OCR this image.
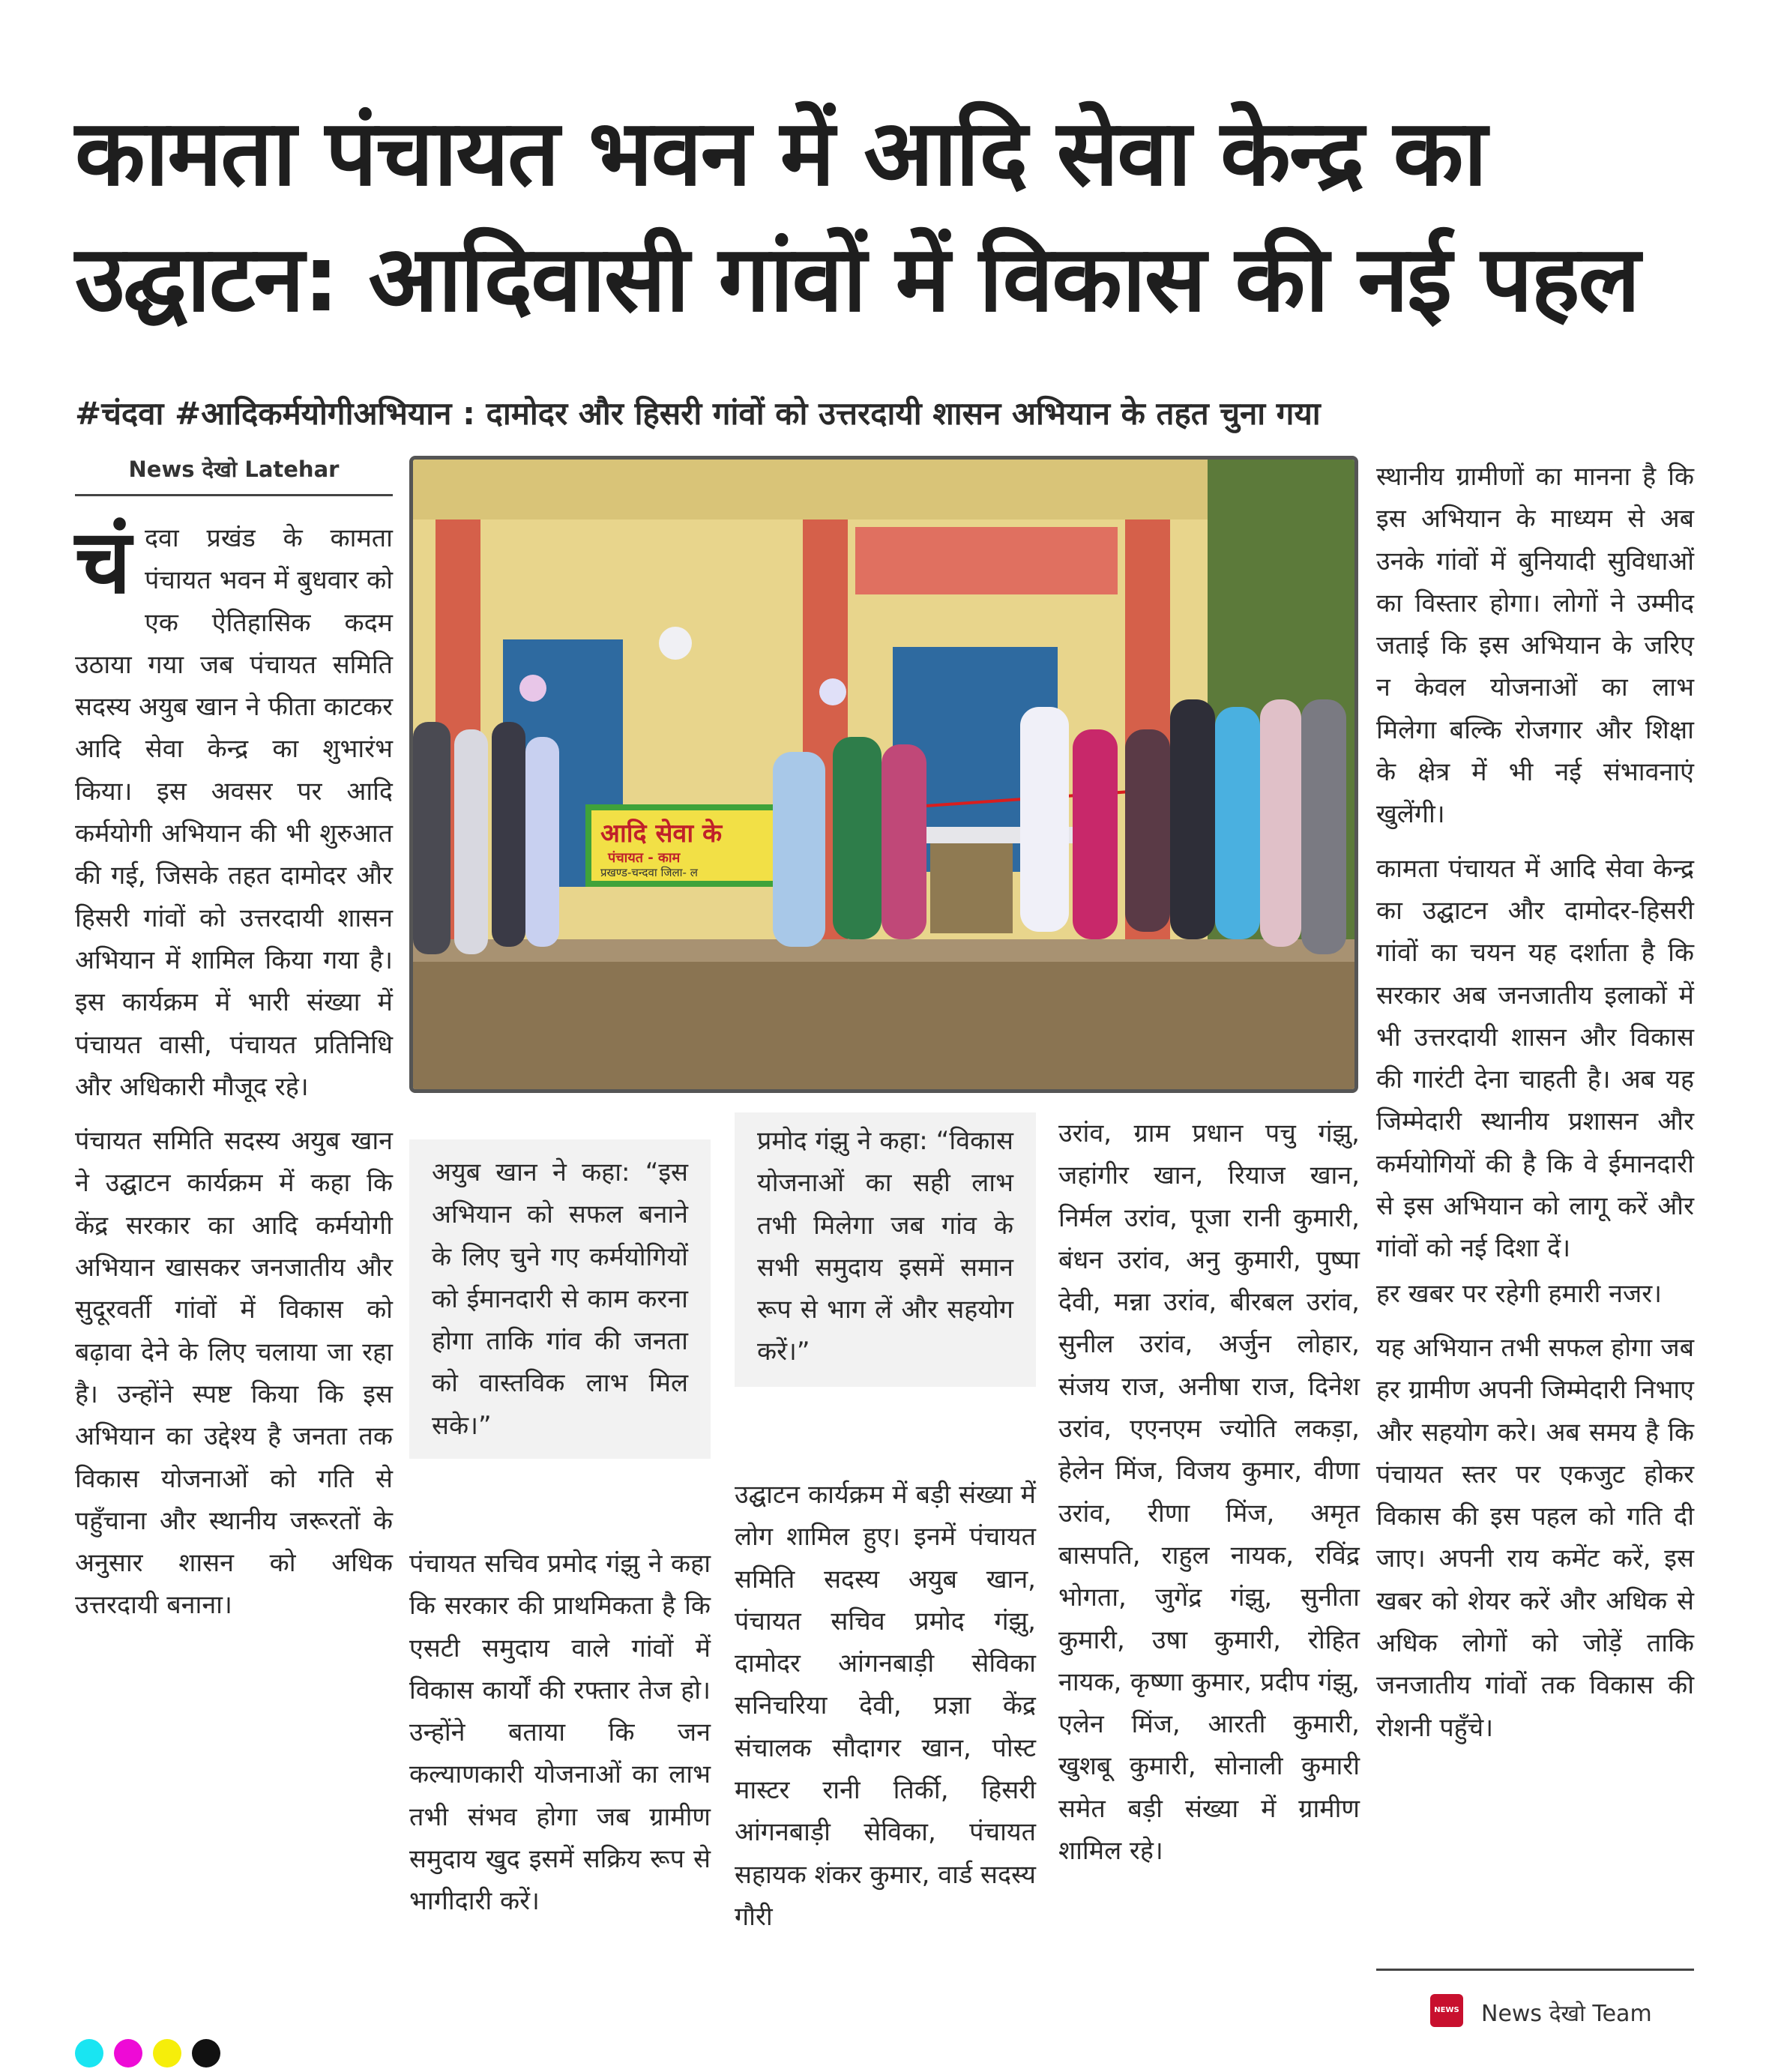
कामता पंचायत भवन में आदि सेवा केन्द्र का
उद्घाटन: आदिवासी गांवों में विकास की नई पहल

#चंदवा #आदिकर्मयोगीअभियान : दामोदर और हिसरी गांवों को उत्तरदायी शासन अभियान के तहत चुना गया

News देखो Latehar

चंदवा प्रखंड के कामता पंचायत भवन में बुधवार को एक ऐतिहासिक कदम उठाया गया जब पंचायत समिति सदस्य अयुब खान ने फीता काटकर आदि सेवा केन्द्र का शुभारंभ किया। इस अवसर पर आदि कर्मयोगी अभियान की भी शुरुआत की गई, जिसके तहत दामोदर और हिसरी गांवों को उत्तरदायी शासन अभियान में शामिल किया गया है। इस कार्यक्रम में भारी संख्या में पंचायत वासी, पंचायत प्रतिनिधि और अधिकारी मौजूद रहे।

पंचायत समिति सदस्य अयुब खान ने उद्घाटन कार्यक्रम में कहा कि केंद्र सरकार का आदि कर्मयोगी अभियान खासकर जनजातीय और सुदूरवर्ती गांवों में विकास को बढ़ावा देने के लिए चलाया जा रहा है। उन्होंने स्पष्ट किया कि इस अभियान का उद्देश्य है जनता तक विकास योजनाओं को गति से पहुँचाना और स्थानीय जरूरतों के अनुसार शासन को अधिक उत्तरदायी बनाना।

आदि सेवा के
पंचायत - काम
प्रखण्ड-चन्दवा जिला- ल
अयुब खान ने कहा: “इस अभियान को सफल बनाने के लिए चुने गए कर्मयोगियों को ईमानदारी से काम करना होगा ताकि गांव की जनता को वास्तविक लाभ मिल सके।”
प्रमोद गंझु ने कहा: “विकास योजनाओं का सही लाभ तभी मिलेगा जब गांव के सभी समुदाय इसमें समान रूप से भाग लें और सहयोग करें।”

पंचायत सचिव प्रमोद गंझु ने कहा कि सरकार की प्राथमिकता है कि एसटी समुदाय वाले गांवों में विकास कार्यों की रफ्तार तेज हो। उन्होंने बताया कि जन कल्याणकारी योजनाओं का लाभ तभी संभव होगा जब ग्रामीण समुदाय खुद इसमें सक्रिय रूप से भागीदारी करें।

उद्घाटन कार्यक्रम में बड़ी संख्या में लोग शामिल हुए। इनमें पंचायत समिति सदस्य अयुब खान, पंचायत सचिव प्रमोद गंझु, दामोदर आंगनबाड़ी सेविका सनिचरिया देवी, प्रज्ञा केंद्र संचालक सौदागर खान, पोस्ट मास्टर रानी तिर्की, हिसरी आंगनबाड़ी सेविका, पंचायत सहायक शंकर कुमार, वार्ड सदस्य गौरी

उरांव, ग्राम प्रधान पचु गंझु, जहांगीर खान, रियाज खान, निर्मल उरांव, पूजा रानी कुमारी, बंधन उरांव, अनु कुमारी, पुष्पा देवी, मन्ना उरांव, बीरबल उरांव, सुनील उरांव, अर्जुन लोहार, संजय राज, अनीषा राज, दिनेश उरांव, एएनएम ज्योति लकड़ा, हेलेन मिंज, विजय कुमार, वीणा उरांव, रीणा मिंज, अमृत बासपति, राहुल नायक, रविंद्र भोगता, जुगेंद्र गंझु, सुनीता कुमारी, उषा कुमारी, रोहित नायक, कृष्णा कुमार, प्रदीप गंझु, एलेन मिंज, आरती कुमारी, खुशबू कुमारी, सोनाली कुमारी समेत बड़ी संख्या में ग्रामीण शामिल रहे।

स्थानीय ग्रामीणों का मानना है कि इस अभियान के माध्यम से अब उनके गांवों में बुनियादी सुविधाओं का विस्तार होगा। लोगों ने उम्मीद जताई कि इस अभियान के जरिए न केवल योजनाओं का लाभ मिलेगा बल्कि रोजगार और शिक्षा के क्षेत्र में भी नई संभावनाएं खुलेंगी।

कामता पंचायत में आदि सेवा केन्द्र का उद्घाटन और दामोदर-हिसरी गांवों का चयन यह दर्शाता है कि सरकार अब जनजातीय इलाकों में भी उत्तरदायी शासन और विकास की गारंटी देना चाहती है। अब यह जिम्मेदारी स्थानीय प्रशासन और कर्मयोगियों की है कि वे ईमानदारी से इस अभियान को लागू करें और गांवों को नई दिशा दें।

हर खबर पर रहेगी हमारी नजर।

यह अभियान तभी सफल होगा जब हर ग्रामीण अपनी जिम्मेदारी निभाए और सहयोग करे। अब समय है कि पंचायत स्तर पर एकजुट होकर विकास की इस पहल को गति दी जाए। अपनी राय कमेंट करें, इस खबर को शेयर करें और अधिक से अधिक लोगों को जोड़ें ताकि जनजातीय गांवों तक विकास की रोशनी पहुँचे।

NEWS News देखो Team
